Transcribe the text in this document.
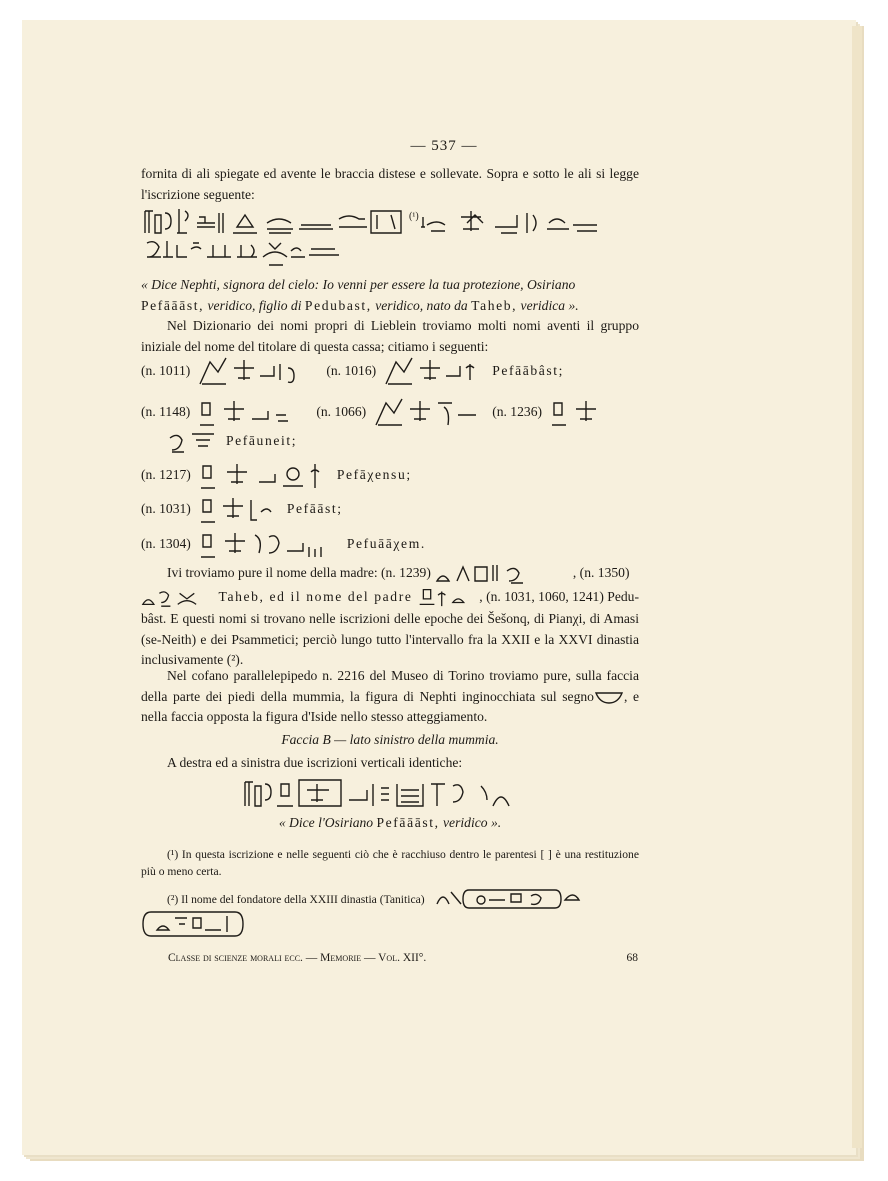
— 537 —

fornita di ali spiegate ed avente le braccia distese e sollevate. Sopra e sotto le ali si legge l'iscrizione seguente:

(¹)

« Dice Nephti, signora del cielo: Io venni per essere la tua protezione, Osiriano

Pefāāāst, veridico, figlio di Pedubast, veridico, nato da Taheb, veridica ».

Nel Dizionario dei nomi propri di Lieblein troviamo molti nomi aventi il gruppo iniziale del nome del titolare di questa cassa; citiamo i seguenti:

(n. 1011)	(n. 1016)	Pefāābâst;
(n. 1148)	(n. 1066)	(n. 1236)
Pefāuneit;
(n. 1217)	Pefāχensu;
(n. 1031)	Pefāāst;
(n. 1304)	Pefuāāχem.

Ivi troviamo pure il nome della madre: (n. 1239)	, (n. 1350)

Taheb, ed il nome del padre	, (n. 1031, 1060, 1241) Pedu-

bâst. E questi nomi si trovano nelle iscrizioni delle epoche dei Šešonq, di Pianχi, di Amasi (se-Neith) e dei Psammetici; perciò lungo tutto l'intervallo fra la XXII e la XXVI dinastia inclusivamente (²).

Nel cofano parallelepipedo n. 2216 del Museo di Torino troviamo pure, sulla faccia della parte dei piedi della mummia, la figura di Nephti inginocchiata sul segno , e nella faccia opposta la figura d'Iside nello stesso atteggiamento.

Faccia B — lato sinistro della mummia.

A destra ed a sinistra due iscrizioni verticali identiche:

« Dice l'Osiriano Pefāāāst, veridico ».

(¹) In questa iscrizione e nelle seguenti ciò che è racchiuso dentro le parentesi [ ] è una restituzione più o meno certa.

(²) Il nome del fondatore della XXIII dinastia (Tanitica)
Classe di scienze morali ecc. — Memorie — Vol. XII°.	68
